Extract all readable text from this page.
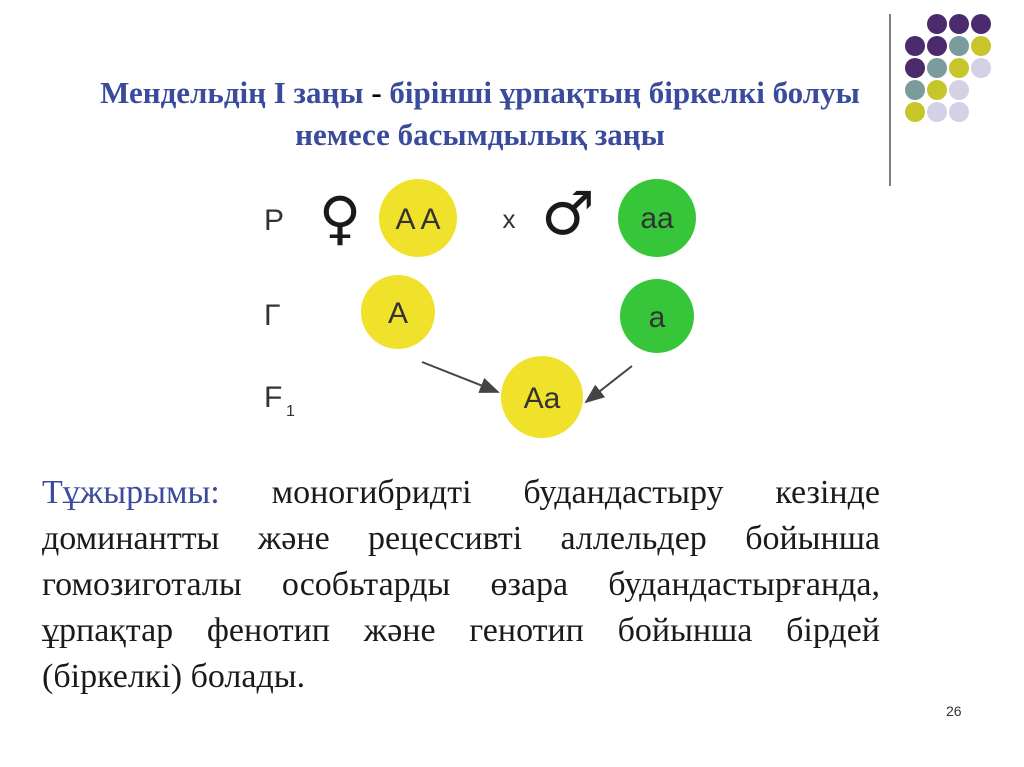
Мендельдің I заңы - бірінші ұрпақтың біркелкі болуы немесе басымдылық заңы
P
Г
F 1
♀ A A x ♂ aa
A	a
Aa
Тұжырымы: моногибридті будандастыру кезінде доминантты және рецессивті аллельдер бойынша гомозиготалы особьтарды өзара будандастырғанда, ұрпақтар фенотип және генотип бойынша бірдей (біркелкі) болады.
26
